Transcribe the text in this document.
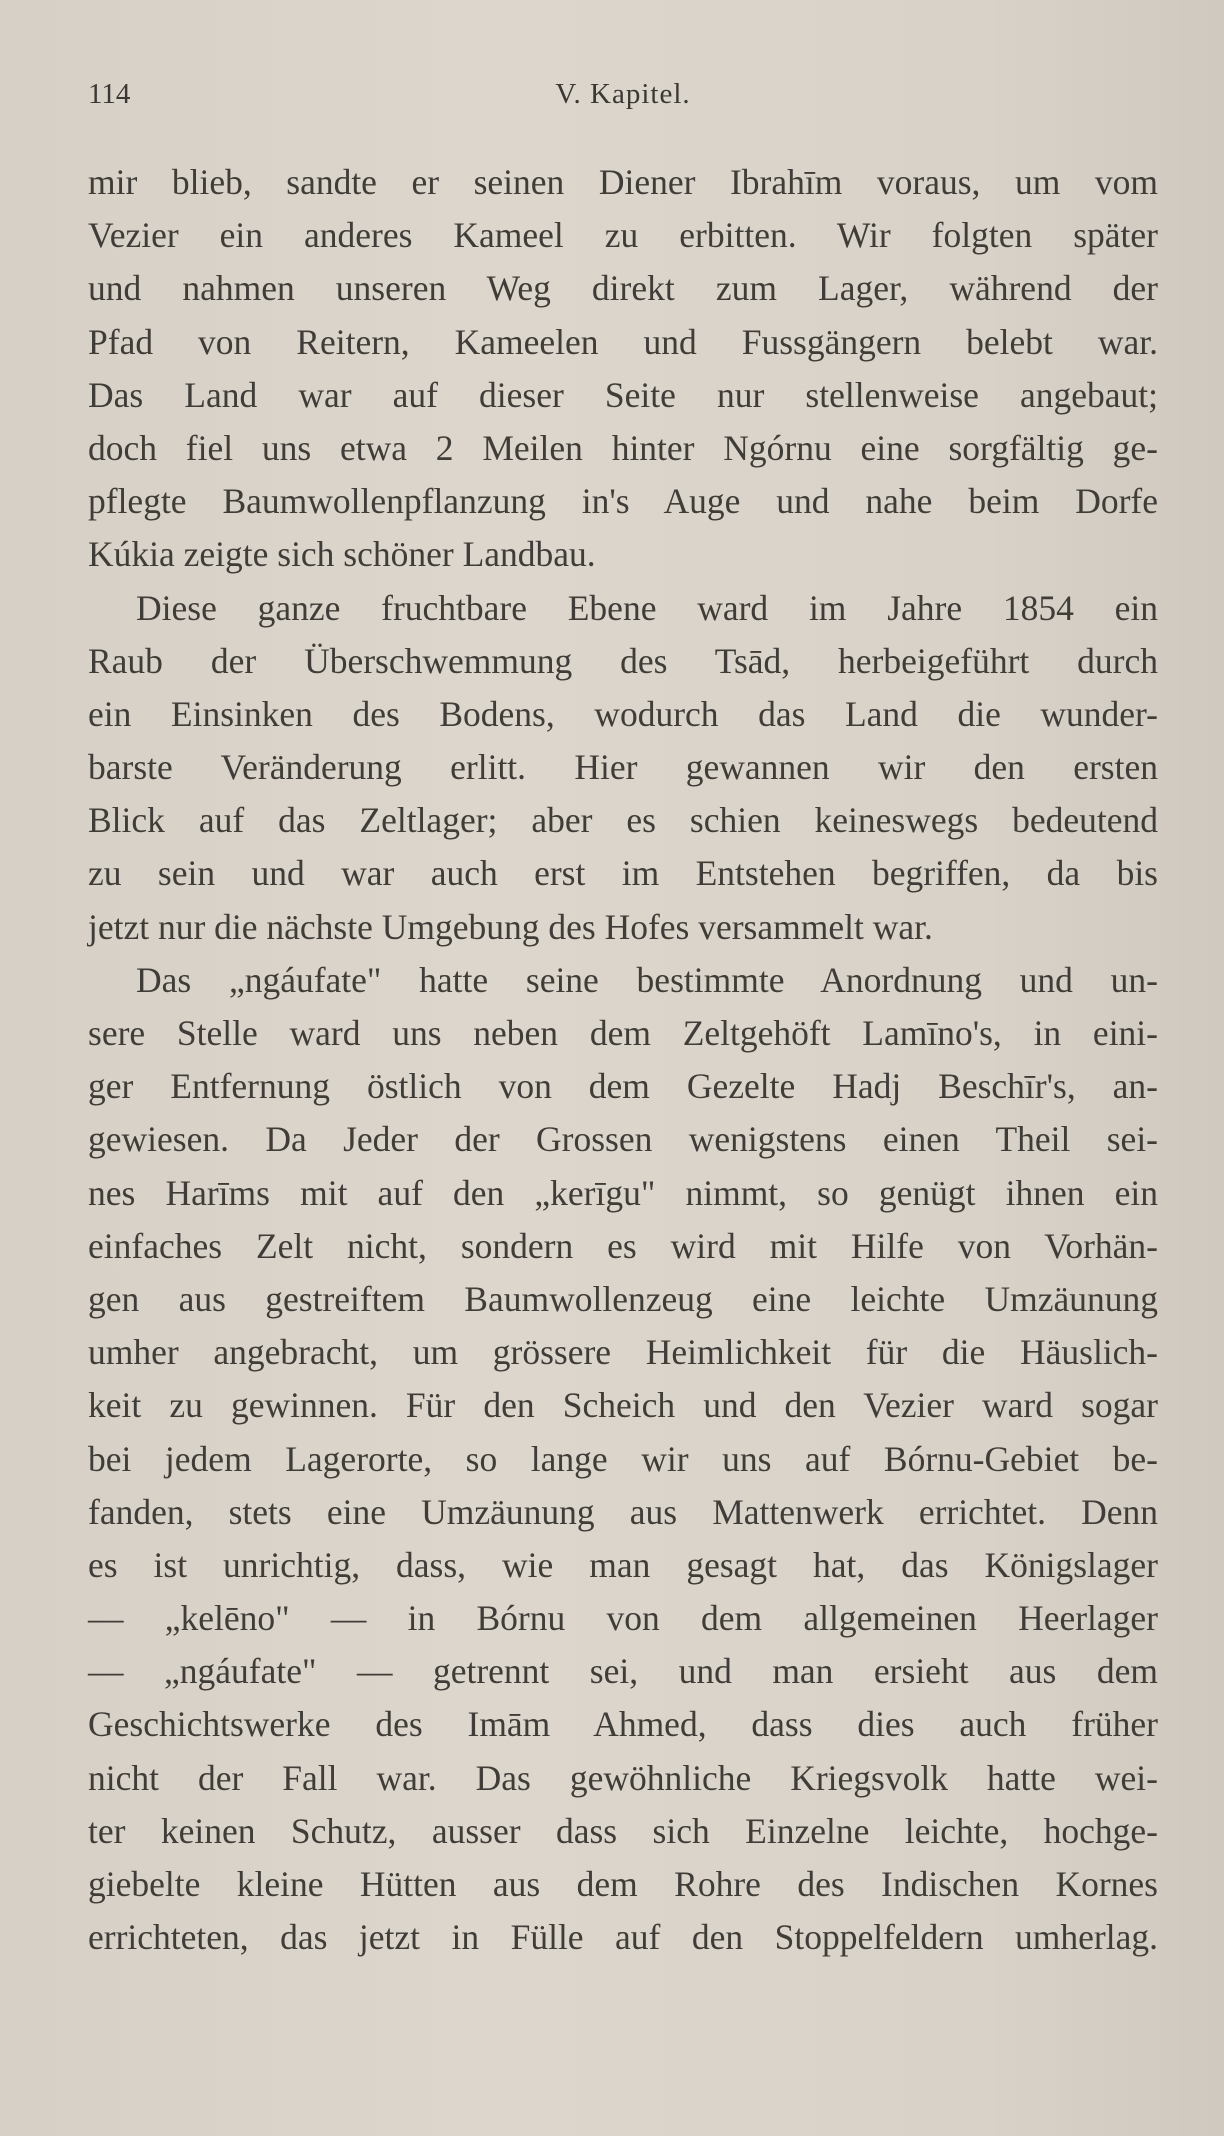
114	V. Kapitel.
mir blieb, sandte er seinen Diener Ibrahīm voraus, um vom
Vezier ein anderes Kameel zu erbitten. Wir folgten später
und nahmen unseren Weg direkt zum Lager, während der
Pfad von Reitern, Kameelen und Fussgängern belebt war.
Das Land war auf dieser Seite nur stellenweise angebaut;
doch fiel uns etwa 2 Meilen hinter Ngórnu eine sorgfältig ge-
pflegte Baumwollenpflanzung in's Auge und nahe beim Dorfe
Kúkia zeigte sich schöner Landbau.
Diese ganze fruchtbare Ebene ward im Jahre 1854 ein
Raub der Überschwemmung des Tsād, herbeigeführt durch
ein Einsinken des Bodens, wodurch das Land die wunder-
barste Veränderung erlitt. Hier gewannen wir den ersten
Blick auf das Zeltlager; aber es schien keineswegs bedeutend
zu sein und war auch erst im Entstehen begriffen, da bis
jetzt nur die nächste Umgebung des Hofes versammelt war.
Das „ngáufate" hatte seine bestimmte Anordnung und un-
sere Stelle ward uns neben dem Zeltgehöft Lamīno's, in eini-
ger Entfernung östlich von dem Gezelte Hadj Beschīr's, an-
gewiesen. Da Jeder der Grossen wenigstens einen Theil sei-
nes Harīms mit auf den „kerīgu" nimmt, so genügt ihnen ein
einfaches Zelt nicht, sondern es wird mit Hilfe von Vorhän-
gen aus gestreiftem Baumwollenzeug eine leichte Umzäunung
umher angebracht, um grössere Heimlichkeit für die Häuslich-
keit zu gewinnen. Für den Scheich und den Vezier ward sogar
bei jedem Lagerorte, so lange wir uns auf Bórnu-Gebiet be-
fanden, stets eine Umzäunung aus Mattenwerk errichtet. Denn
es ist unrichtig, dass, wie man gesagt hat, das Königslager
— „kelēno" — in Bórnu von dem allgemeinen Heerlager
— „ngáufate" — getrennt sei, und man ersieht aus dem
Geschichtswerke des Imām Ahmed, dass dies auch früher
nicht der Fall war. Das gewöhnliche Kriegsvolk hatte wei-
ter keinen Schutz, ausser dass sich Einzelne leichte, hochge-
giebelte kleine Hütten aus dem Rohre des Indischen Kornes
errichteten, das jetzt in Fülle auf den Stoppelfeldern umherlag.
